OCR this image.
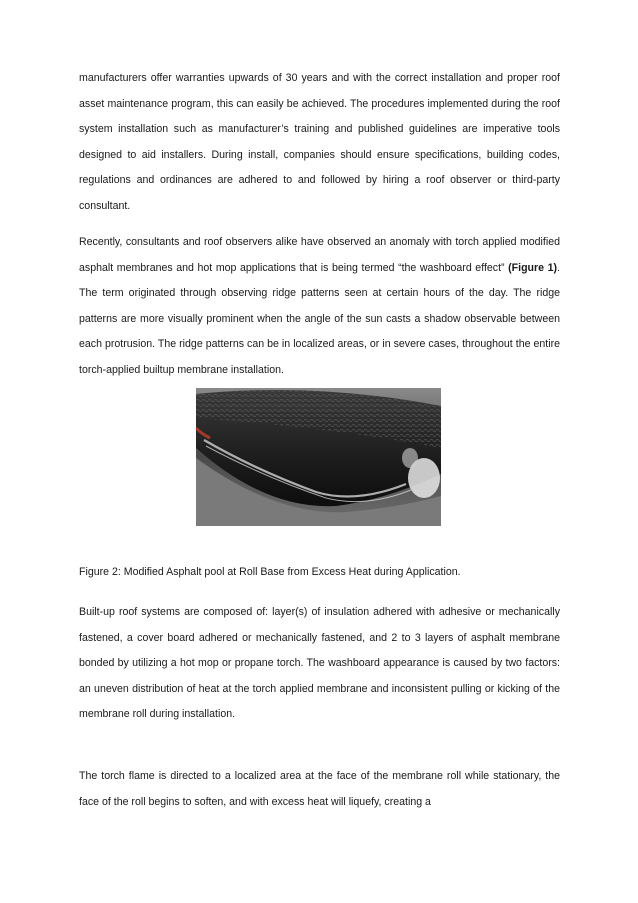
manufacturers offer warranties upwards of 30 years and with the correct installation and proper roof asset maintenance program, this can easily be achieved. The procedures implemented during the roof system installation such as manufacturer’s training and published guidelines are imperative tools designed to aid installers. During install, companies should ensure specifications, building codes, regulations and ordinances are adhered to and followed by hiring a roof observer or third-party consultant.

Recently, consultants and roof observers alike have observed an anomaly with torch applied modified asphalt membranes and hot mop applications that is being termed “the washboard effect” (Figure 1). The term originated through observing ridge patterns seen at certain hours of the day. The ridge patterns are more visually prominent when the angle of the sun casts a shadow observable between each protrusion. The ridge patterns can be in localized areas, or in severe cases, throughout the entire torch-applied builtup membrane installation.

Figure 2: Modified Asphalt pool at Roll Base from Excess Heat during Application.

Built-up roof systems are composed of: layer(s) of insulation adhered with adhesive or mechanically fastened, a cover board adhered or mechanically fastened, and 2 to 3 layers of asphalt membrane bonded by utilizing a hot mop or propane torch. The washboard appearance is caused by two factors: an uneven distribution of heat at the torch applied membrane and inconsistent pulling or kicking of the membrane roll during installation.

The torch flame is directed to a localized area at the face of the membrane roll while stationary, the face of the roll begins to soften, and with excess heat will liquefy, creating a
